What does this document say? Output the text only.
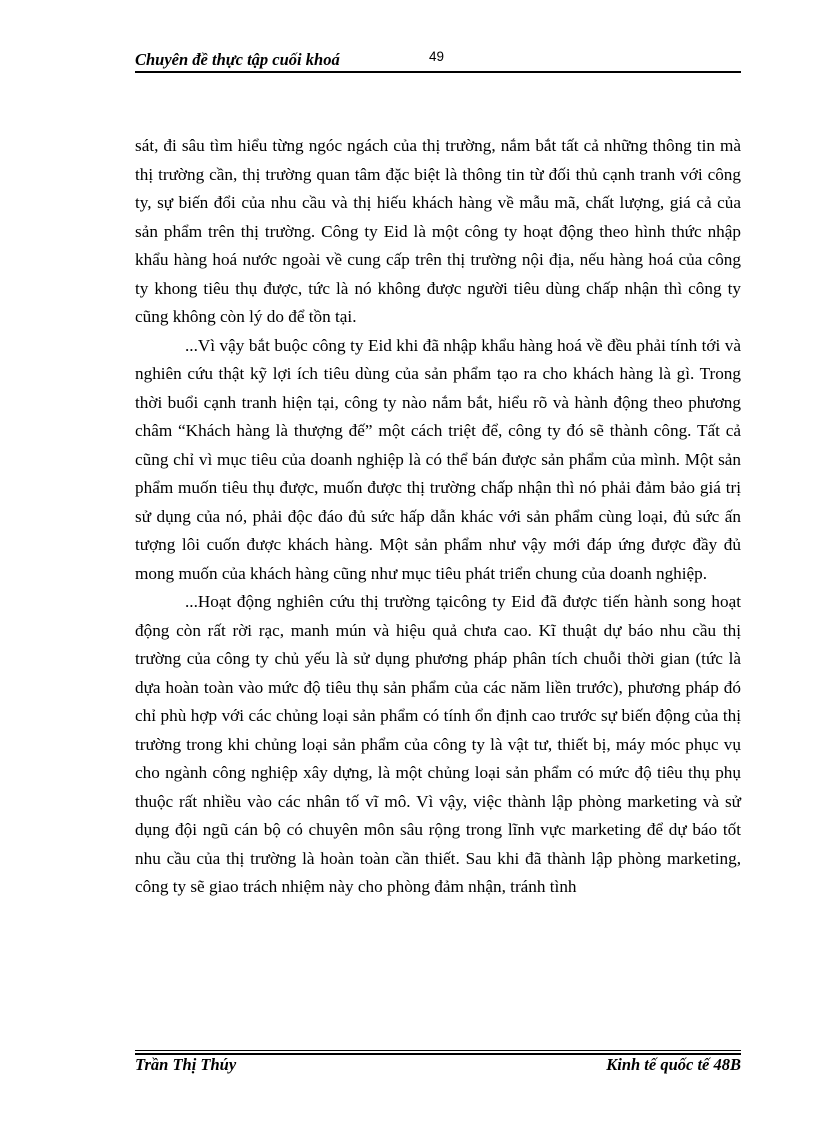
Chuyên đề thực tập cuối khoá	49

sát, đi sâu tìm hiểu từng ngóc ngách của thị trường, nắm bắt tất cả những thông tin mà thị trường cần, thị trường quan tâm đặc biệt là thông tin từ đối thủ cạnh tranh với công ty, sự biến đổi của nhu cầu và thị hiếu khách hàng về mẫu mã, chất lượng, giá cả của sản phẩm trên thị trường. Công ty Eid là một công ty hoạt động theo hình thức nhập khẩu hàng hoá nước ngoài về cung cấp trên thị trường nội địa, nếu hàng hoá của công ty khong tiêu thụ được, tức là nó không được người tiêu dùng chấp nhận thì công ty cũng không còn lý do để tồn tại.

...Vì vậy bắt buộc công ty Eid khi đã nhập khẩu hàng hoá về đều phải tính tới và nghiên cứu thật kỹ lợi ích tiêu dùng của sản phẩm tạo ra cho khách hàng là gì. Trong thời buổi cạnh tranh hiện tại, công ty nào nắm bắt, hiểu rõ và hành động theo phương châm “Khách hàng là thượng đế” một cách triệt để, công ty đó sẽ thành công. Tất cả cũng chỉ vì mục tiêu của doanh nghiệp là có thể bán được sản phẩm của mình. Một sản phẩm muốn tiêu thụ được, muốn được thị trường chấp nhận thì nó phải đảm bảo giá trị sử dụng của nó, phải độc đáo đủ sức hấp dẫn khác với sản phẩm cùng loại, đủ sức ấn tượng lôi cuốn được khách hàng. Một sản phẩm như vậy mới đáp ứng được đầy đủ mong muốn của khách hàng cũng như mục tiêu phát triển chung của doanh nghiệp.

...Hoạt động nghiên cứu thị trường tạicông ty Eid đã được tiến hành song hoạt động còn rất rời rạc, manh mún và hiệu quả chưa cao. Kĩ thuật dự báo nhu cầu thị trường của công ty chủ yếu là sử dụng phương pháp phân tích chuỗi thời gian (tức là dựa hoàn toàn vào mức độ tiêu thụ sản phẩm của các năm liền trước), phương pháp đó chỉ phù hợp với các chủng loại sản phẩm có tính ổn định cao trước sự biến động của thị trường trong khi chủng loại sản phẩm của công ty là vật tư, thiết bị, máy móc phục vụ cho ngành công nghiệp xây dựng, là một chủng loại sản phẩm có mức độ tiêu thụ phụ thuộc rất nhiều vào các nhân tố vĩ mô. Vì vậy, việc thành lập phòng marketing và sử dụng đội ngũ cán bộ có chuyên môn sâu rộng trong lĩnh vực marketing để dự báo tốt nhu cầu của thị trường là hoàn toàn cần thiết. Sau khi đã thành lập phòng marketing, công ty sẽ giao trách nhiệm này cho phòng đảm nhận, tránh tình

Trần Thị Thúy	Kinh tế quốc tế 48B
